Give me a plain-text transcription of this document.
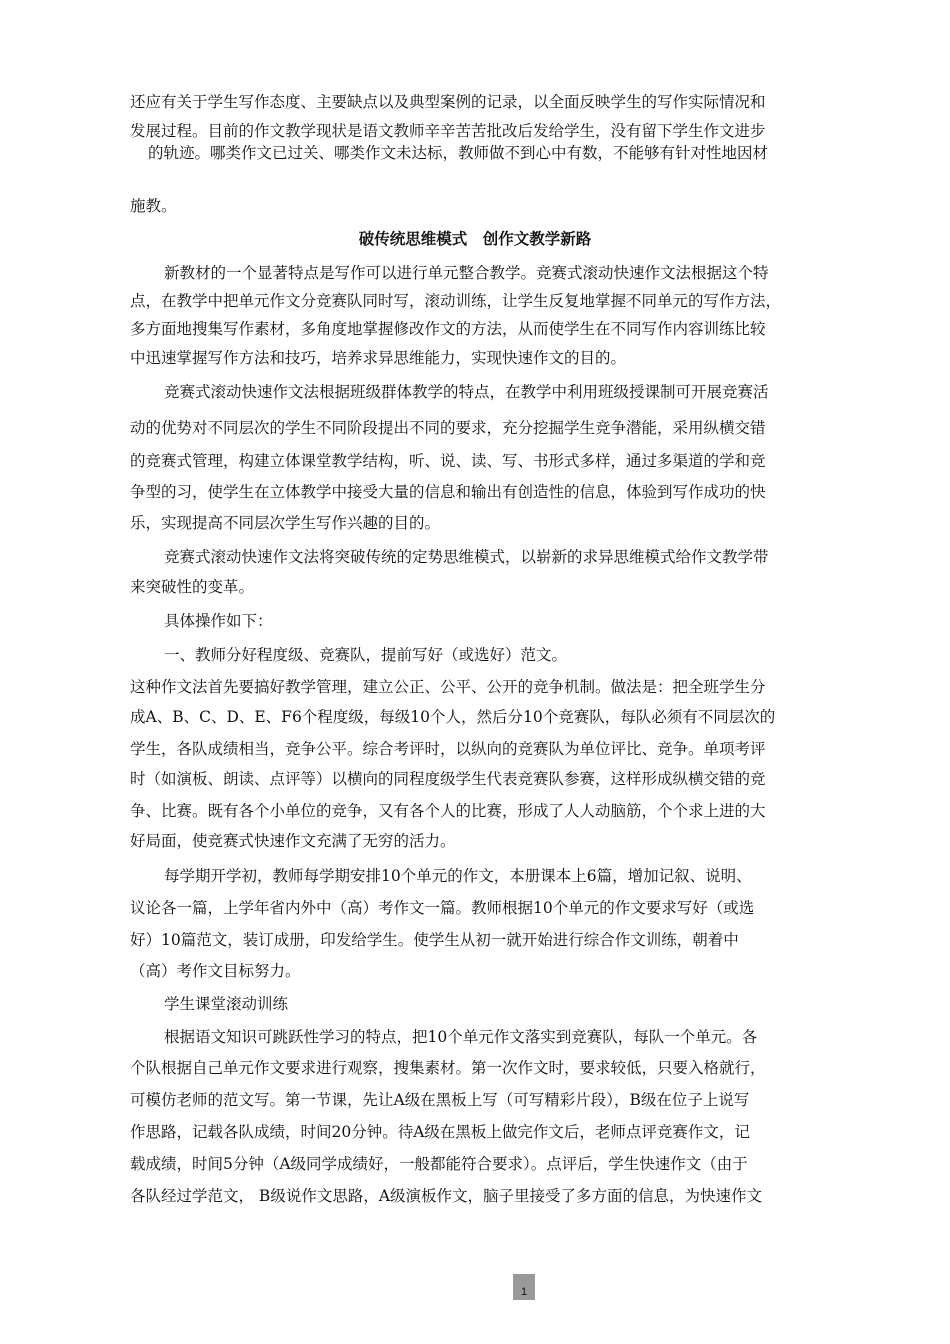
还应有关于学生写作态度、主要缺点以及典型案例的记录，以全面反映学生的写作实际情况和
发展过程。目前的作文教学现状是语文教师辛辛苦苦批改后发给学生，没有留下学生作文进步
的轨迹。哪类作文已过关、哪类作文未达标，教师做不到心中有数，不能够有针对性地因材
施教。
破传统思维模式　创作文教学新路
新教材的一个显著特点是写作可以进行单元整合教学。竞赛式滚动快速作文法根据这个特
点，在教学中把单元作文分竞赛队同时写，滚动训练，让学生反复地掌握不同单元的写作方法，
多方面地搜集写作素材，多角度地掌握修改作文的方法，从而使学生在不同写作内容训练比较
中迅速掌握写作方法和技巧，培养求异思维能力，实现快速作文的目的。
竞赛式滚动快速作文法根据班级群体教学的特点，在教学中利用班级授课制可开展竞赛活
动的优势对不同层次的学生不同阶段提出不同的要求，充分挖掘学生竞争潜能，采用纵横交错
的竞赛式管理，构建立体课堂教学结构，听、说、读、写、书形式多样，通过多渠道的学和竞
争型的习，使学生在立体教学中接受大量的信息和输出有创造性的信息，体验到写作成功的快
乐，实现提高不同层次学生写作兴趣的目的。
竞赛式滚动快速作文法将突破传统的定势思维模式，以崭新的求异思维模式给作文教学带
来突破性的变革。
具体操作如下：
一、教师分好程度级、竞赛队，提前写好（或选好）范文。
这种作文法首先要搞好教学管理，建立公正、公平、公开的竞争机制。做法是：把全班学生分
成A、B、C、D、E、F6个程度级，每级10个人，然后分10个竞赛队，每队必须有不同层次的
学生，各队成绩相当，竞争公平。综合考评时，以纵向的竞赛队为单位评比、竞争。单项考评
时（如演板、朗读、点评等）以横向的同程度级学生代表竞赛队参赛，这样形成纵横交错的竞
争、比赛。既有各个小单位的竞争，又有各个人的比赛，形成了人人动脑筋，个个求上进的大
好局面，使竞赛式快速作文充满了无穷的活力。
每学期开学初，教师每学期安排10个单元的作文，本册课本上6篇，增加记叙、说明、
议论各一篇，上学年省内外中（高）考作文一篇。教师根据10个单元的作文要求写好（或选
好）10篇范文，装订成册，印发给学生。使学生从初一就开始进行综合作文训练，朝着中
（高）考作文目标努力。
学生课堂滚动训练
根据语文知识可跳跃性学习的特点，把10个单元作文落实到竞赛队，每队一个单元。各
个队根据自己单元作文要求进行观察，搜集素材。第一次作文时，要求较低，只要入格就行，
可模仿老师的范文写。第一节课，先让A级在黑板上写（可写精彩片段），B级在位子上说写
作思路，记载各队成绩，时间20分钟。待A级在黑板上做完作文后，老师点评竞赛作文，记
载成绩，时间5分钟（A级同学成绩好，一般都能符合要求）。点评后，学生快速作文（由于
各队经过学范文， B级说作文思路，A级演板作文，脑子里接受了多方面的信息，为快速作文
1
